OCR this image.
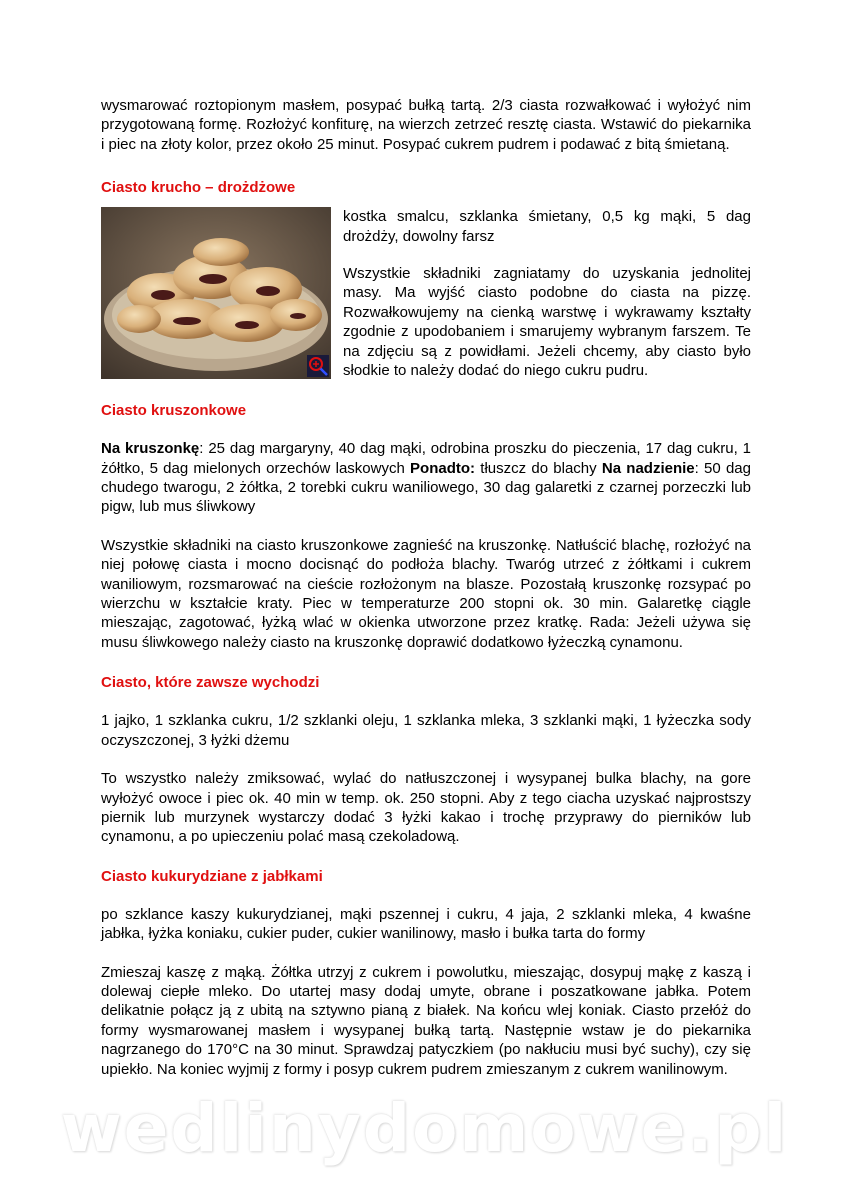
wysmarować roztopionym masłem, posypać bułką tartą. 2/3 ciasta rozwałkować i wyłożyć nim przygotowaną formę. Rozłożyć konfiturę, na wierzch zetrzeć resztę ciasta. Wstawić do piekarnika i piec na złoty kolor, przez około 25 minut. Posypać cukrem pudrem i podawać z bitą śmietaną.

Ciasto krucho – drożdżowe

kostka smalcu, szklanka śmietany, 0,5 kg mąki, 5 dag drożdży, dowolny farsz

Wszystkie składniki zagniatamy do uzyskania jednolitej masy. Ma wyjść ciasto podobne do ciasta na pizzę. Rozwałkowujemy na cienką warstwę i wykrawamy kształty zgodnie z upodobaniem i smarujemy wybranym farszem. Te na zdjęciu są z powidłami. Jeżeli chcemy, aby ciasto było słodkie to należy dodać do niego cukru pudru.

Ciasto kruszonkowe

Na kruszonkę: 25 dag margaryny, 40 dag mąki, odrobina proszku do pieczenia, 17 dag cukru, 1 żółtko, 5 dag mielonych orzechów laskowych Ponadto: tłuszcz do blachy Na nadzienie: 50 dag chudego twarogu, 2 żółtka, 2 torebki cukru waniliowego, 30 dag galaretki z czarnej porzeczki lub pigw, lub mus śliwkowy

Wszystkie składniki na ciasto kruszonkowe zagnieść na kruszonkę. Natłuścić blachę, rozłożyć na niej połowę ciasta i mocno docisnąć do podłoża blachy. Twaróg utrzeć z żółtkami i cukrem waniliowym, rozsmarować na cieście rozłożonym na blasze. Pozostałą kruszonkę rozsypać po wierzchu w kształcie kraty. Piec w temperaturze 200 stopni ok. 30 min. Galaretkę ciągle mieszając, zagotować, łyżką wlać w okienka utworzone przez kratkę. Rada: Jeżeli używa się musu śliwkowego należy ciasto na kruszonkę doprawić dodatkowo łyżeczką cynamonu.

Ciasto, które zawsze wychodzi

1 jajko, 1 szklanka cukru, 1/2 szklanki oleju, 1 szklanka mleka, 3 szklanki mąki, 1 łyżeczka sody oczyszczonej, 3 łyżki dżemu

To wszystko należy zmiksować, wylać do natłuszczonej i wysypanej bulka blachy, na gore wyłożyć owoce i piec ok. 40 min w temp. ok. 250 stopni. Aby z tego ciacha uzyskać najprostszy piernik lub murzynek wystarczy dodać 3 łyżki kakao i trochę przyprawy do pierników lub cynamonu, a po upieczeniu polać masą czekoladową.

Ciasto kukurydziane z jabłkami

po szklance kaszy kukurydzianej, mąki pszennej i cukru, 4 jaja, 2 szklanki mleka, 4 kwaśne jabłka, łyżka koniaku, cukier puder, cukier wanilinowy, masło i bułka tarta do formy

Zmieszaj kaszę z mąką. Żółtka utrzyj z cukrem i powolutku, mieszając, dosypuj mąkę z kaszą i dolewaj ciepłe mleko. Do utartej masy dodaj umyte, obrane i poszatkowane jabłka. Potem delikatnie połącz ją z ubitą na sztywno pianą z białek. Na końcu wlej koniak. Ciasto przełóż do formy wysmarowanej masłem i wysypanej bułką tartą. Następnie wstaw je do piekarnika nagrzanego do 170°C na 30 minut. Sprawdzaj patyczkiem (po nakłuciu musi być suchy), czy się upiekło. Na koniec wyjmij z formy i posyp cukrem pudrem zmieszanym z cukrem wanilinowym.

wedlinydomowe.pl
